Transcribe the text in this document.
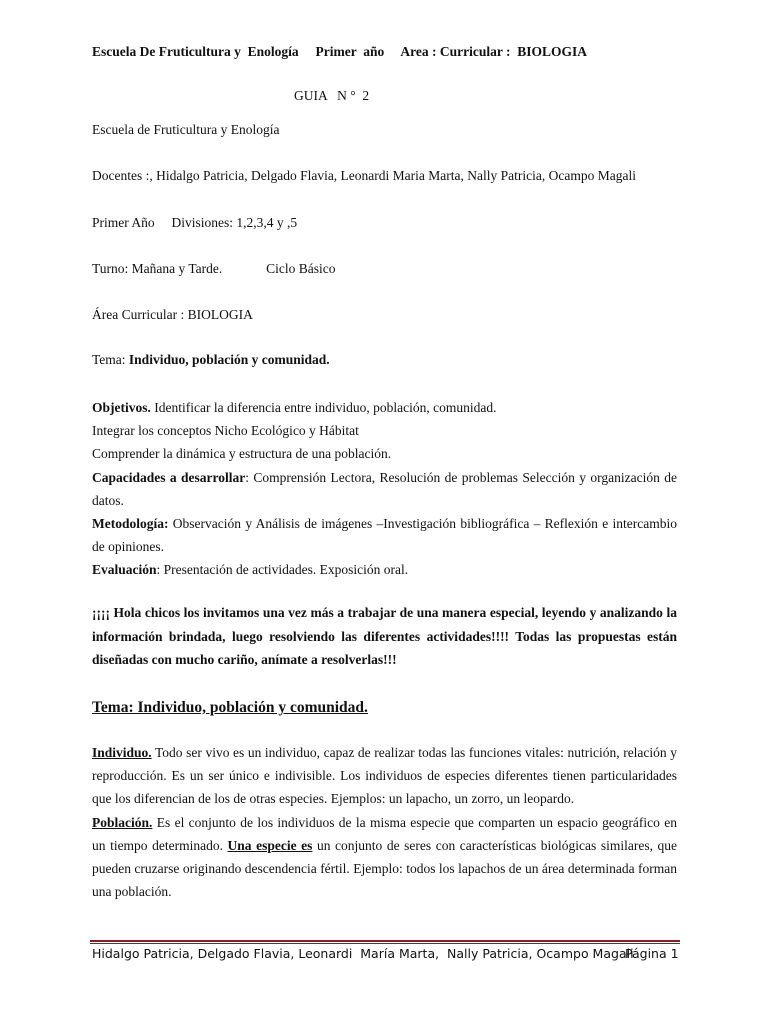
Escuela De Fruticultura y  Enología Primer  año Area : Curricular :  BIOLOGIA
GUIA   N °  2
Escuela de Fruticultura y Enología
Docentes :, Hidalgo Patricia, Delgado Flavia, Leonardi Maria Marta, Nally Patricia, Ocampo Magali
Primer Año Divisiones: 1,2,3,4 y ,5
Turno: Mañana y Tarde.	Ciclo Básico
Área Curricular : BIOLOGIA
Tema: Individuo, población y comunidad.
Objetivos. Identificar la diferencia entre individuo, población, comunidad.
Integrar los conceptos Nicho Ecológico y Hábitat
Comprender la dinámica y estructura de una población.
Capacidades a desarrollar: Comprensión Lectora, Resolución de problemas Selección y organización de datos.
Metodología: Observación y Análisis de imágenes –Investigación bibliográfica – Reflexión e intercambio de opiniones.
Evaluación: Presentación de actividades. Exposición oral.
¡¡¡¡ Hola chicos los invitamos una vez más a trabajar de una manera especial, leyendo y analizando la información brindada, luego resolviendo las diferentes actividades!!!! Todas las propuestas están diseñadas con mucho cariño, anímate a resolverlas!!!
Tema: Individuo, población y comunidad.
Individuo. Todo ser vivo es un individuo, capaz de realizar todas las funciones vitales: nutrición, relación y reproducción. Es un ser único e indivisible. Los individuos de especies diferentes tienen particularidades que los diferencian de los de otras especies. Ejemplos: un lapacho, un zorro, un leopardo.
Población. Es el conjunto de los individuos de la misma especie que comparten un espacio geográfico en un tiempo determinado. Una especie es un conjunto de seres con características biológicas similares, que pueden cruzarse originando descendencia fértil. Ejemplo: todos los lapachos de un área determinada forman una población.
Hidalgo Patricia, Delgado Flavia, Leonardi  María Marta,  Nally Patricia, Ocampo Magali
Página 1
